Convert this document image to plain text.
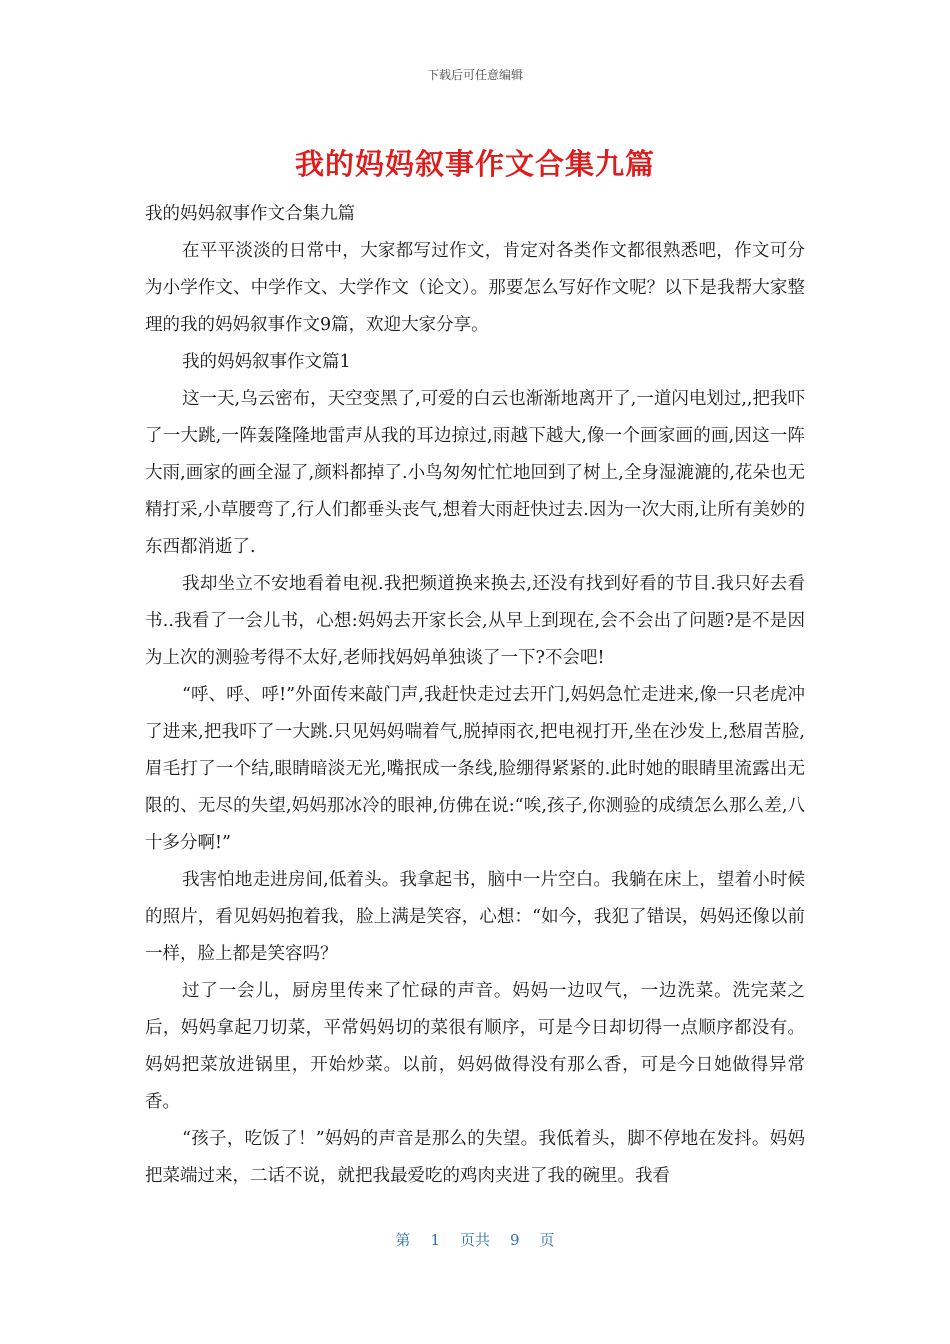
下载后可任意编辑
我的妈妈叙事作文合集九篇

我的妈妈叙事作文合集九篇

在平平淡淡的日常中，大家都写过作文，肯定对各类作文都很熟悉吧，作文可分为小学作文、中学作文、大学作文（论文）。那要怎么写好作文呢？以下是我帮大家整理的我的妈妈叙事作文9篇，欢迎大家分享。

我的妈妈叙事作文篇1

这一天,乌云密布，天空变黑了,可爱的白云也渐渐地离开了,一道闪电划过,,把我吓了一大跳,一阵轰隆隆地雷声从我的耳边掠过,雨越下越大,像一个画家画的画,因这一阵大雨,画家的画全湿了,颜料都掉了.小鸟匆匆忙忙地回到了树上,全身湿漉漉的,花朵也无精打采,小草腰弯了,行人们都垂头丧气,想着大雨赶快过去.因为一次大雨,让所有美妙的东西都消逝了.

我却坐立不安地看着电视.我把频道换来换去,还没有找到好看的节目.我只好去看书..我看了一会儿书，心想:妈妈去开家长会,从早上到现在,会不会出了问题?是不是因为上次的测验考得不太好,老师找妈妈单独谈了一下?不会吧!

“呼、呼、呼!”外面传来敲门声,我赶快走过去开门,妈妈急忙走进来,像一只老虎冲了进来,把我吓了一大跳.只见妈妈喘着气,脱掉雨衣,把电视打开,坐在沙发上,愁眉苦脸,眉毛打了一个结,眼睛暗淡无光,嘴抿成一条线,脸绷得紧紧的.此时她的眼睛里流露出无限的、无尽的失望,妈妈那冰冷的眼神,仿佛在说:“唉,孩子,你测验的成绩怎么那么差,八十多分啊!”

我害怕地走进房间,低着头。我拿起书，脑中一片空白。我躺在床上，望着小时候的照片，看见妈妈抱着我，脸上满是笑容，心想：“如今，我犯了错误，妈妈还像以前一样，脸上都是笑容吗？

过了一会儿，厨房里传来了忙碌的声音。妈妈一边叹气，一边洗菜。洗完菜之后，妈妈拿起刀切菜，平常妈妈切的菜很有顺序，可是今日却切得一点顺序都没有。妈妈把菜放进锅里，开始炒菜。以前，妈妈做得没有那么香，可是今日她做得异常香。

“孩子，吃饭了！”妈妈的声音是那么的失望。我低着头，脚不停地在发抖。妈妈把菜端过来，二话不说，就把我最爱吃的鸡肉夹进了我的碗里。我看

第 1 页共 9 页
